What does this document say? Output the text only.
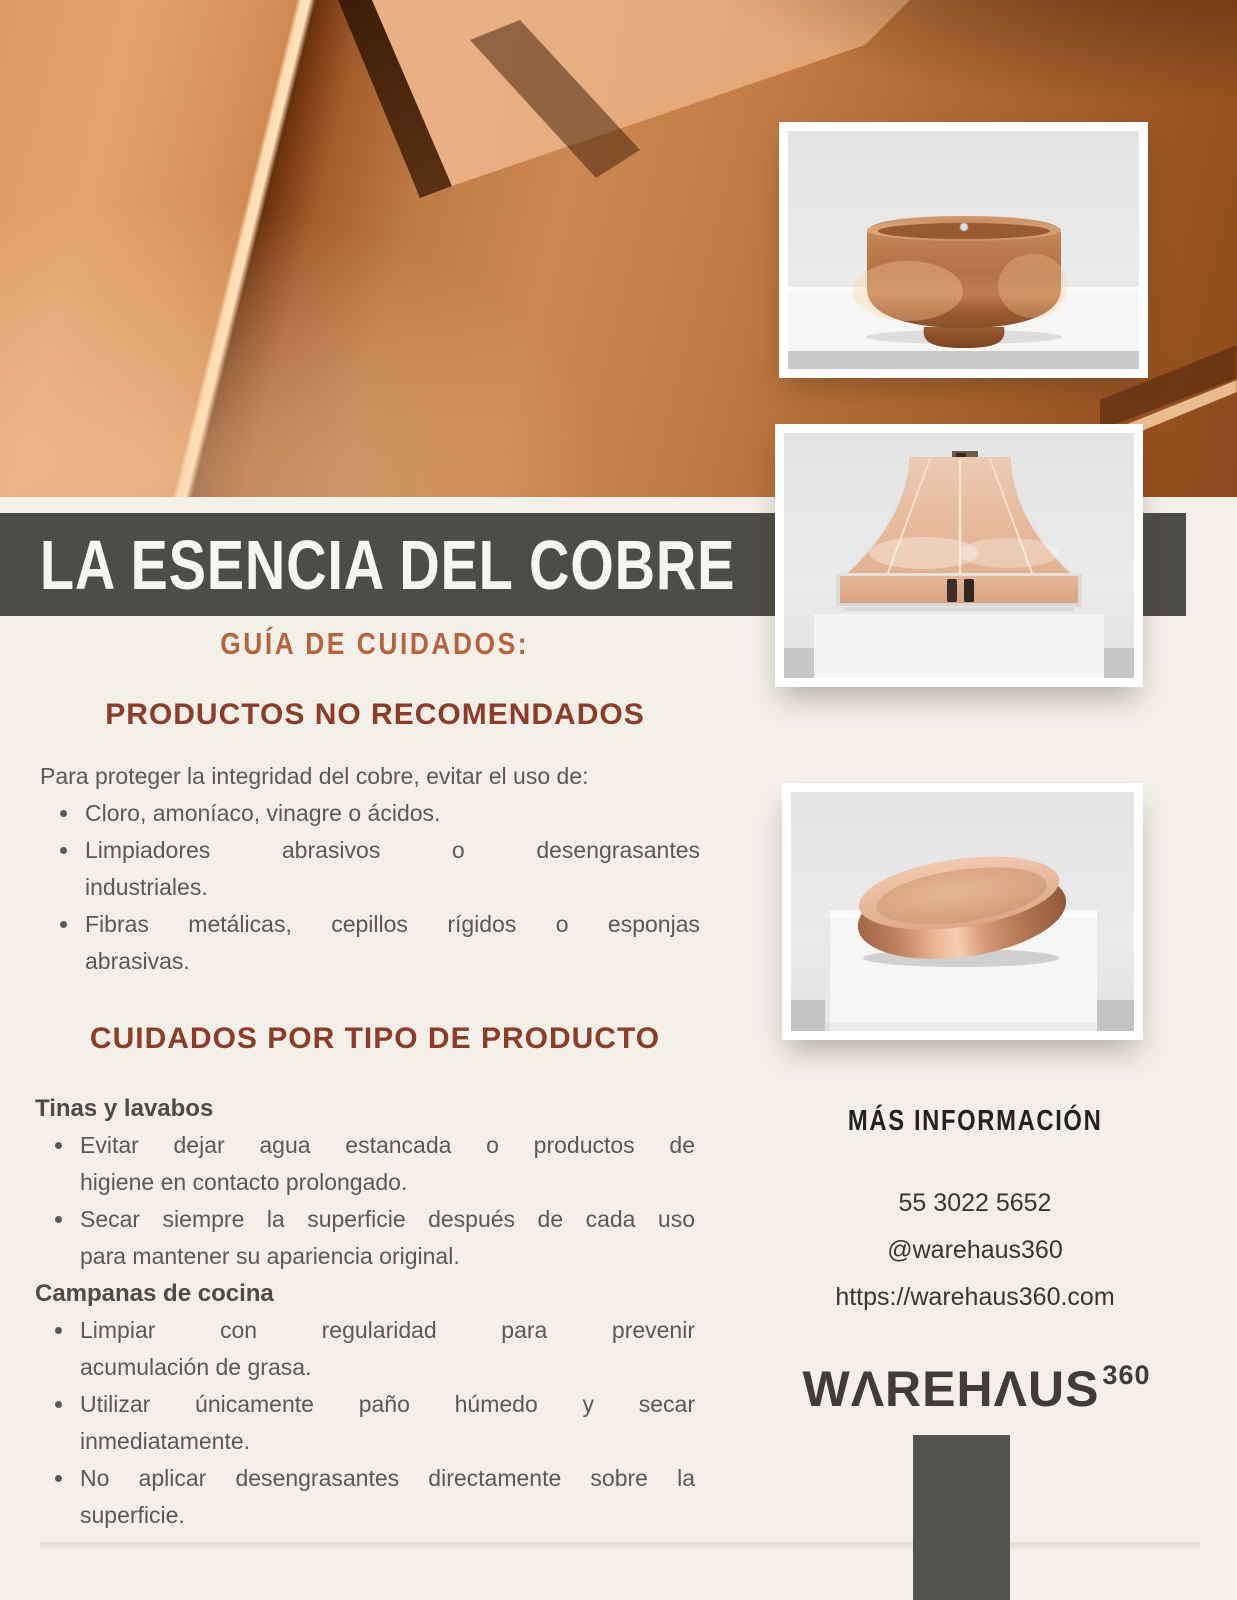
LA ESENCIA DEL COBRE
GUÍA DE CUIDADOS:
PRODUCTOS NO RECOMENDADOS
Para proteger la integridad del cobre, evitar el uso de:
Cloro, amoníaco, vinagre o ácidos.
Limpiadores abrasivos o desengrasantes
industriales.
Fibras metálicas, cepillos rígidos o esponjas
abrasivas.
CUIDADOS POR TIPO DE PRODUCTO
Tinas y lavabos
Evitar dejar agua estancada o productos de
higiene en contacto prolongado.
Secar siempre la superficie después de cada uso
para mantener su apariencia original.
Campanas de cocina
Limpiar con regularidad para prevenir
acumulación de grasa.
Utilizar únicamente paño húmedo y secar
inmediatamente.
No aplicar desengrasantes directamente sobre la
superficie.
MÁS INFORMACIÓN
55 3022 5652
@warehaus360
https://warehaus360.com
WΛREHΛUS $^{360}$
